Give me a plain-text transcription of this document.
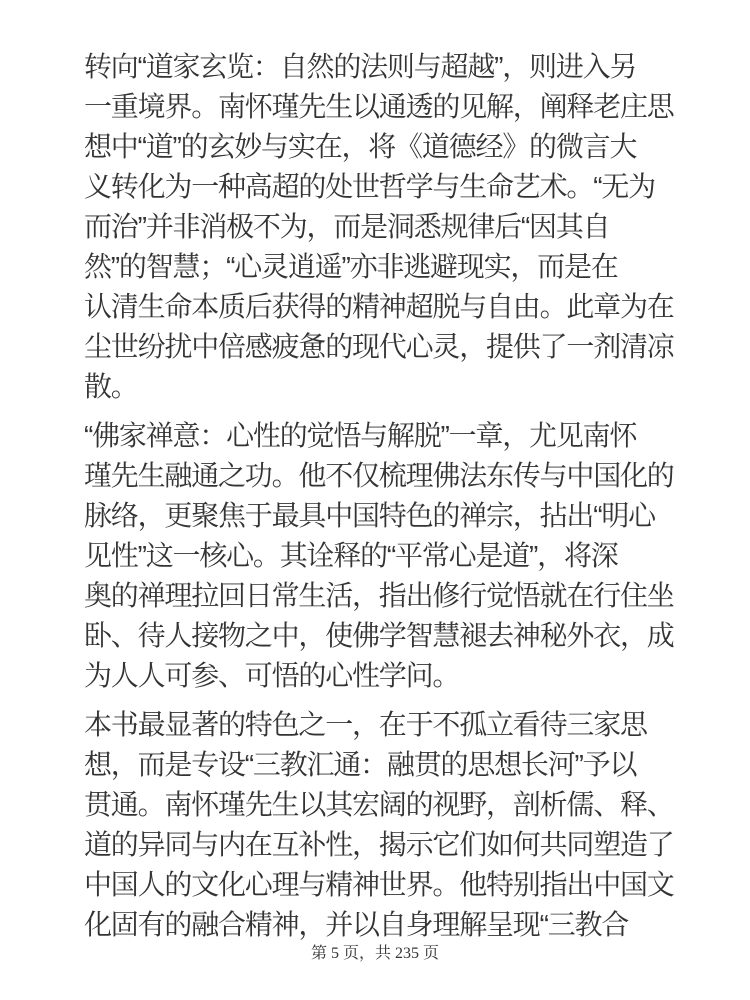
转向“道家玄览：自然的法则与超越”，则进入另
一重境界。南怀瑾先生以通透的见解，阐释老庄思
想中“道”的玄妙与实在，将《道德经》的微言大
义转化为一种高超的处世哲学与生命艺术。“无为
而治”并非消极不为，而是洞悉规律后“因其自
然”的智慧；“心灵逍遥”亦非逃避现实，而是在
认清生命本质后获得的精神超脱与自由。此章为在
尘世纷扰中倍感疲惫的现代心灵，提供了一剂清凉
散。

“佛家禅意：心性的觉悟与解脱”一章，尤见南怀
瑾先生融通之功。他不仅梳理佛法东传与中国化的
脉络，更聚焦于最具中国特色的禅宗，拈出“明心
见性”这一核心。其诠释的“平常心是道”，将深
奥的禅理拉回日常生活，指出修行觉悟就在行住坐
卧、待人接物之中，使佛学智慧褪去神秘外衣，成
为人人可参、可悟的心性学问。

本书最显著的特色之一，在于不孤立看待三家思
想，而是专设“三教汇通：融贯的思想长河”予以
贯通。南怀瑾先生以其宏阔的视野，剖析儒、释、
道的异同与内在互补性，揭示它们如何共同塑造了
中国人的文化心理与精神世界。他特别指出中国文
化固有的融合精神，并以自身理解呈现“三教合

第 5 页，共 235 页
